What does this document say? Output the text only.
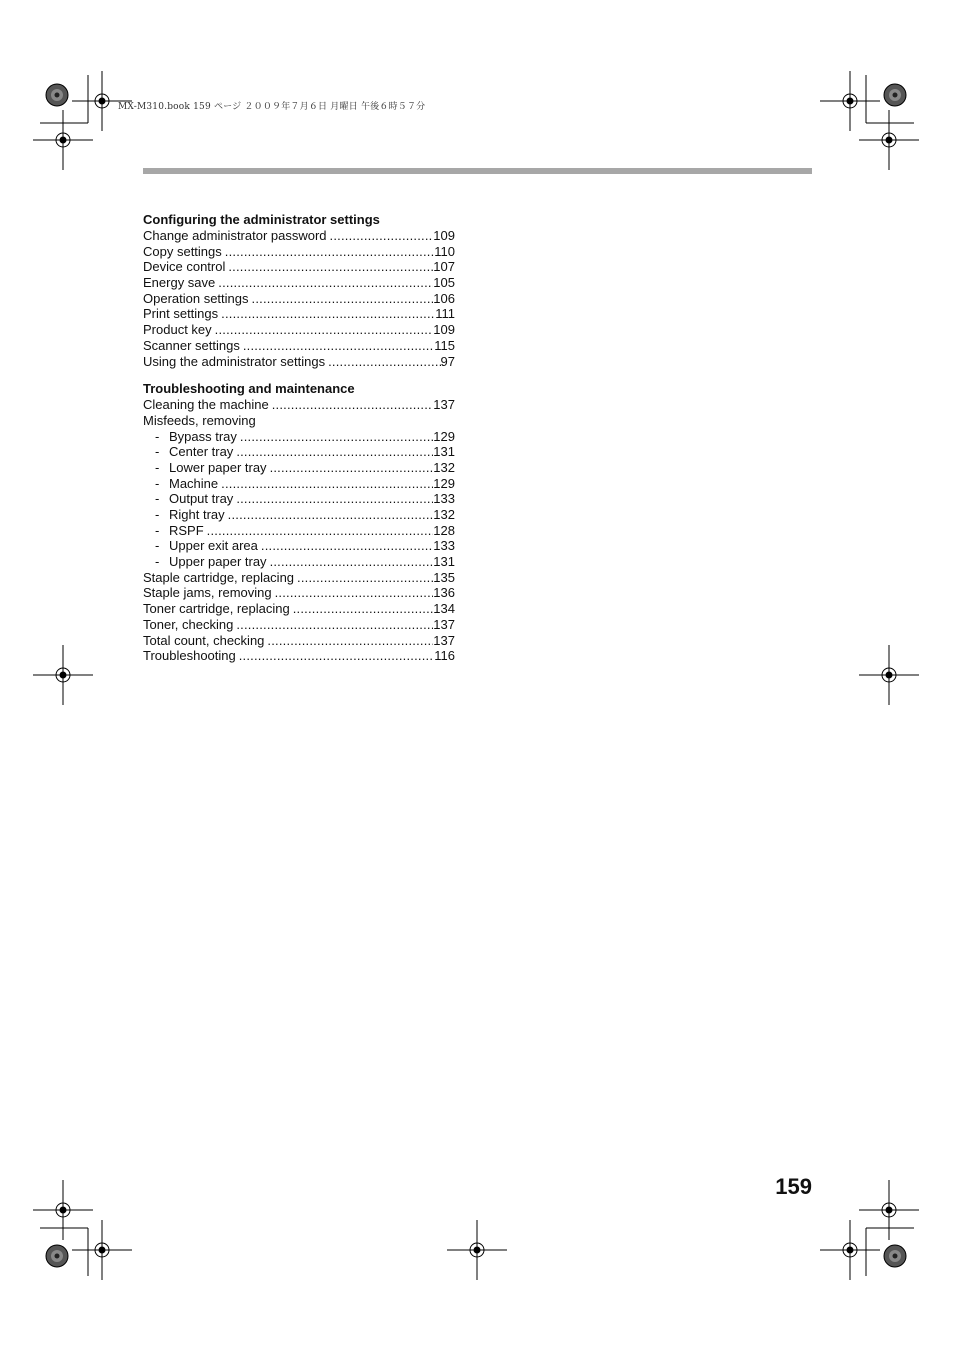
MX-M310.book 159 ページ ２００９年７月６日 月曜日 午後６時５７分
Configuring the administrator settings
Change administrator password .....	109
Copy settings .....	110
Device control .....	107
Energy save .....	105
Operation settings .....	106
Print settings .....	111
Product key .....	109
Scanner settings .....	115
Using the administrator settings .....	97
Troubleshooting and maintenance
Cleaning the machine .....	137
Misfeeds, removing
- Bypass tray .....	129
- Center tray .....	131
- Lower paper tray .....	132
- Machine .....	129
- Output tray .....	133
- Right tray .....	132
- RSPF .....	128
- Upper exit area .....	133
- Upper paper tray .....	131
Staple cartridge, replacing .....	135
Staple jams, removing .....	136
Toner cartridge, replacing .....	134
Toner, checking .....	137
Total count, checking .....	137
Troubleshooting .....	116
159
